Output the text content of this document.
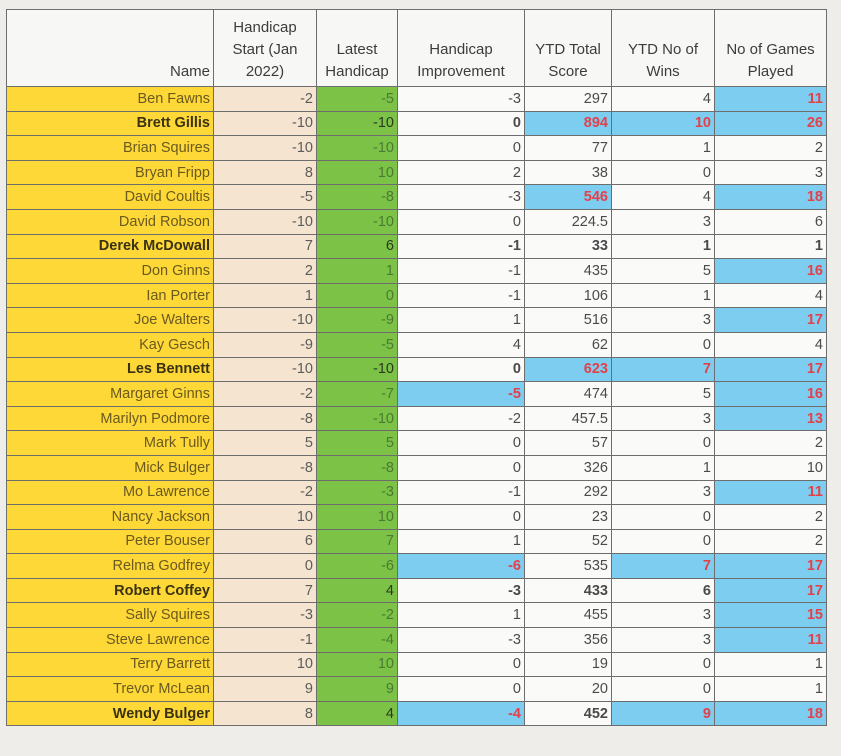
Name	Handicap Start (Jan 2022)	Latest Handicap	Handicap Improvement	YTD Total Score	YTD No of Wins	No of Games Played
Ben Fawns	-2	-5	-3	297	4	11
Brett Gillis	-10	-10	0	894	10	26
Brian Squires	-10	-10	0	77	1	2
Bryan Fripp	8	10	2	38	0	3
David Coultis	-5	-8	-3	546	4	18
David Robson	-10	-10	0	224.5	3	6
Derek McDowall	7	6	-1	33	1	1
Don Ginns	2	1	-1	435	5	16
Ian Porter	1	0	-1	106	1	4
Joe Walters	-10	-9	1	516	3	17
Kay Gesch	-9	-5	4	62	0	4
Les Bennett	-10	-10	0	623	7	17
Margaret Ginns	-2	-7	-5	474	5	16
Marilyn Podmore	-8	-10	-2	457.5	3	13
Mark Tully	5	5	0	57	0	2
Mick Bulger	-8	-8	0	326	1	10
Mo Lawrence	-2	-3	-1	292	3	11
Nancy Jackson	10	10	0	23	0	2
Peter Bouser	6	7	1	52	0	2
Relma Godfrey	0	-6	-6	535	7	17
Robert Coffey	7	4	-3	433	6	17
Sally Squires	-3	-2	1	455	3	15
Steve Lawrence	-1	-4	-3	356	3	11
Terry Barrett	10	10	0	19	0	1
Trevor McLean	9	9	0	20	0	1
Wendy Bulger	8	4	-4	452	9	18
